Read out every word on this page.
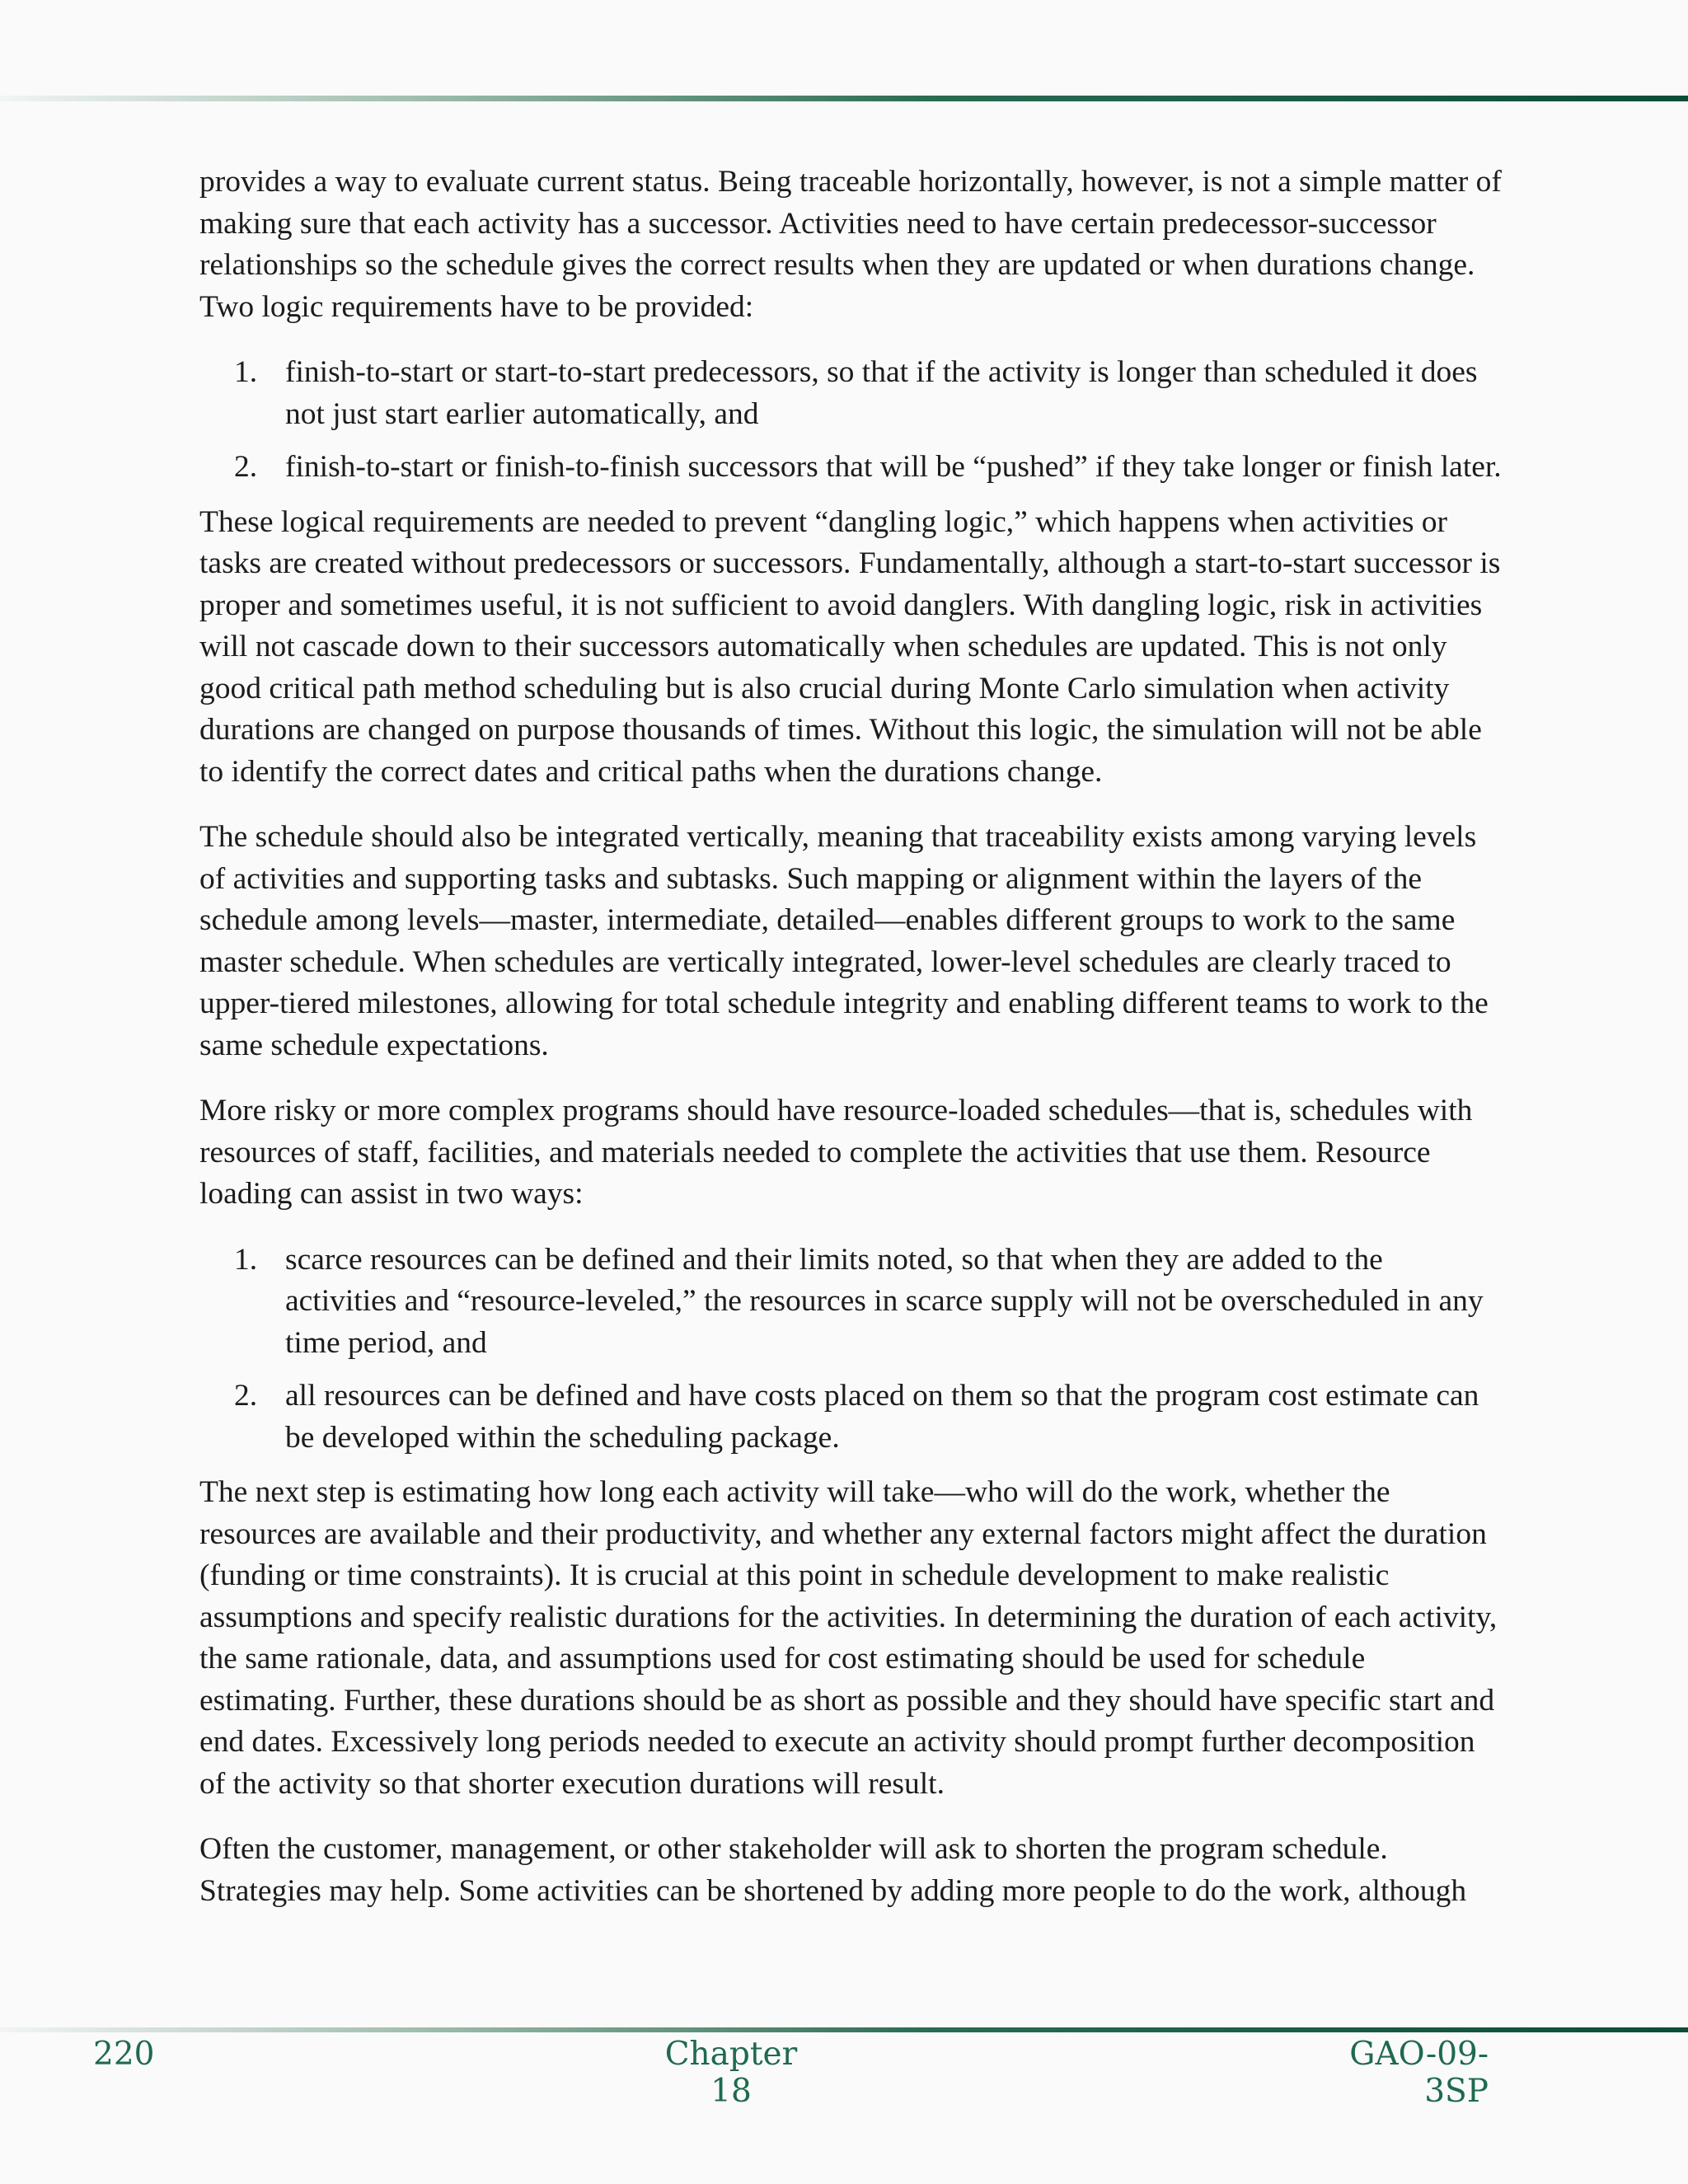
provides a way to evaluate current status. Being traceable horizontally, however, is not a simple matter of making sure that each activity has a successor. Activities need to have certain predecessor-successor relationships so the schedule gives the correct results when they are updated or when durations change. Two logic requirements have to be provided:

1. finish-to-start or start-to-start predecessors, so that if the activity is longer than scheduled it does not just start earlier automatically, and
2. finish-to-start or finish-to-finish successors that will be “pushed” if they take longer or finish later.

These logical requirements are needed to prevent “dangling logic,” which happens when activities or tasks are created without predecessors or successors. Fundamentally, although a start-to-start successor is proper and sometimes useful, it is not sufficient to avoid danglers. With dangling logic, risk in activities will not cascade down to their successors automatically when schedules are updated. This is not only good critical path method scheduling but is also crucial during Monte Carlo simulation when activity durations are changed on purpose thousands of times. Without this logic, the simulation will not be able to identify the correct dates and critical paths when the durations change.

The schedule should also be integrated vertically, meaning that traceability exists among varying levels of activities and supporting tasks and subtasks. Such mapping or alignment within the layers of the schedule among levels—master, intermediate, detailed—enables different groups to work to the same master schedule. When schedules are vertically integrated, lower-level schedules are clearly traced to upper-tiered milestones, allowing for total schedule integrity and enabling different teams to work to the same schedule expectations.

More risky or more complex programs should have resource-loaded schedules—that is, schedules with resources of staff, facilities, and materials needed to complete the activities that use them. Resource loading can assist in two ways:

1. scarce resources can be defined and their limits noted, so that when they are added to the activities and “resource-leveled,” the resources in scarce supply will not be overscheduled in any time period, and
2. all resources can be defined and have costs placed on them so that the program cost estimate can be developed within the scheduling package.

The next step is estimating how long each activity will take—who will do the work, whether the resources are available and their productivity, and whether any external factors might affect the duration (funding or time constraints). It is crucial at this point in schedule development to make realistic assumptions and specify realistic durations for the activities. In determining the duration of each activity, the same rationale, data, and assumptions used for cost estimating should be used for schedule estimating. Further, these durations should be as short as possible and they should have specific start and end dates. Excessively long periods needed to execute an activity should prompt further decomposition of the activity so that shorter execution durations will result.

Often the customer, management, or other stakeholder will ask to shorten the program schedule. Strategies may help. Some activities can be shortened by adding more people to do the work, although

220	Chapter 18
GAO-09-3SP
